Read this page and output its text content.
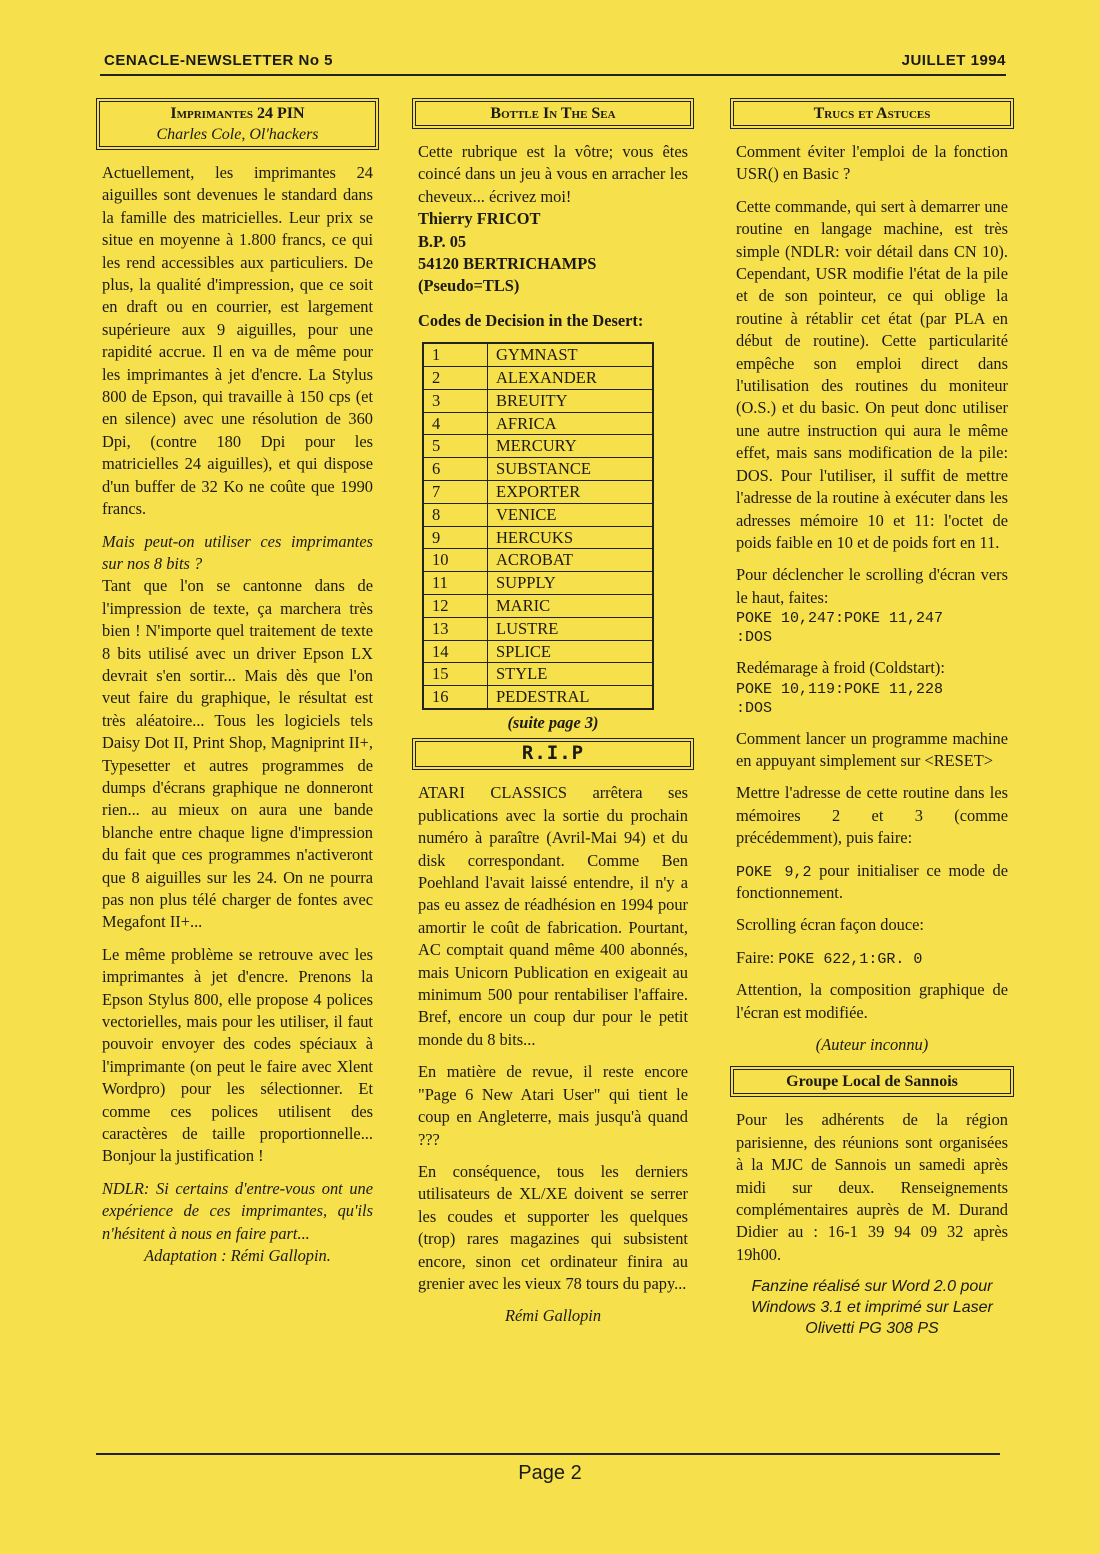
CENACLE-NEWSLETTER No 5	JUILLET 1994
Imprimantes 24 PIN
Charles Cole, Ol'hackers

Actuellement, les imprimantes 24 aiguilles sont devenues le standard dans la famille des matricielles. Leur prix se situe en moyenne à 1.800 francs, ce qui les rend accessibles aux particuliers. De plus, la qualité d'impression, que ce soit en draft ou en courrier, est largement supérieure aux 9 aiguilles, pour une rapidité accrue. Il en va de même pour les imprimantes à jet d'encre. La Stylus 800 de Epson, qui travaille à 150 cps (et en silence) avec une résolution de 360 Dpi, (contre 180 Dpi pour les matricielles 24 aiguilles), et qui dispose d'un buffer de 32 Ko ne coûte que 1990 francs.

Mais peut-on utiliser ces imprimantes sur nos 8 bits ?

Tant que l'on se cantonne dans de l'impression de texte, ça marchera très bien ! N'importe quel traitement de texte 8 bits utilisé avec un driver Epson LX devrait s'en sortir... Mais dès que l'on veut faire du graphique, le résultat est très aléatoire... Tous les logiciels tels Daisy Dot II, Print Shop, Magniprint II+, Typesetter et autres programmes de dumps d'écrans graphique ne donneront rien... au mieux on aura une bande blanche entre chaque ligne d'impression du fait que ces programmes n'activeront que 8 aiguilles sur les 24. On ne pourra pas non plus télé charger de fontes avec Megafont II+...

Le même problème se retrouve avec les imprimantes à jet d'encre. Prenons la Epson Stylus 800, elle propose 4 polices vectorielles, mais pour les utiliser, il faut pouvoir envoyer des codes spéciaux à l'imprimante (on peut le faire avec Xlent Wordpro) pour les sélectionner. Et comme ces polices utilisent des caractères de taille proportionnelle... Bonjour la justification !

NDLR: Si certains d'entre-vous ont une expérience de ces imprimantes, qu'ils n'hésitent à nous en faire part...

Adaptation : Rémi Gallopin.

Bottle In The Sea

Cette rubrique est la vôtre; vous êtes coincé dans un jeu à vous en arracher les cheveux... écrivez moi!

Thierry FRICOT

B.P. 05

54120 BERTRICHAMPS

(Pseudo=TLS)

Codes de Decision in the Desert:

1	GYMNAST
2	ALEXANDER
3	BREUITY
4	AFRICA
5	MERCURY
6	SUBSTANCE
7	EXPORTER
8	VENICE
9	HERCUKS
10	ACROBAT
11	SUPPLY
12	MARIC
13	LUSTRE
14	SPLICE
15	STYLE
16	PEDESTRAL

(suite page 3)

R.I.P

ATARI CLASSICS arrêtera ses publications avec la sortie du prochain numéro à paraître (Avril-Mai 94) et du disk correspondant. Comme Ben Poehland l'avait laissé entendre, il n'y a pas eu assez de réadhésion en 1994 pour amortir le coût de fabrication. Pourtant, AC comptait quand même 400 abonnés, mais Unicorn Publication en exigeait au minimum 500 pour rentabiliser l'affaire. Bref, encore un coup dur pour le petit monde du 8 bits...

En matière de revue, il reste encore "Page 6 New Atari User" qui tient le coup en Angleterre, mais jusqu'à quand ???

En conséquence, tous les derniers utilisateurs de XL/XE doivent se serrer les coudes et supporter les quelques (trop) rares magazines qui subsistent encore, sinon cet ordinateur finira au grenier avec les vieux 78 tours du papy...

Rémi Gallopin

Trucs et Astuces

Comment éviter l'emploi de la fonction USR() en Basic ?

Cette commande, qui sert à demarrer une routine en langage machine, est très simple (NDLR: voir détail dans CN 10). Cependant, USR modifie l'état de la pile et de son pointeur, ce qui oblige la routine à rétablir cet état (par PLA en début de routine). Cette particularité empêche son emploi direct dans l'utilisation des routines du moniteur (O.S.) et du basic. On peut donc utiliser une autre instruction qui aura le même effet, mais sans modification de la pile: DOS. Pour l'utiliser, il suffit de mettre l'adresse de la routine à exécuter dans les adresses mémoire 10 et 11: l'octet de poids faible en 10 et de poids fort en 11.

Pour déclencher le scrolling d'écran vers le haut, faites:

POKE 10,247:POKE 11,247
:DOS

Redémarage à froid (Coldstart):

POKE 10,119:POKE 11,228
:DOS

Comment lancer un programme machine en appuyant simplement sur <RESET>

Mettre l'adresse de cette routine dans les mémoires 2 et 3 (comme précédemment), puis faire:

POKE 9,2 pour initialiser ce mode de fonctionnement.

Scrolling écran façon douce:

Faire: POKE 622,1:GR. 0

Attention, la composition graphique de l'écran est modifiée.

(Auteur inconnu)

Groupe Local de Sannois

Pour les adhérents de la région parisienne, des réunions sont organisées à la MJC de Sannois un samedi après midi sur deux. Renseignements complémentaires auprès de M. Durand Didier au : 16-1 39 94 09 32 après 19h00.

Fanzine réalisé sur Word 2.0 pour Windows 3.1 et imprimé sur Laser Olivetti PG 308 PS
Page 2
